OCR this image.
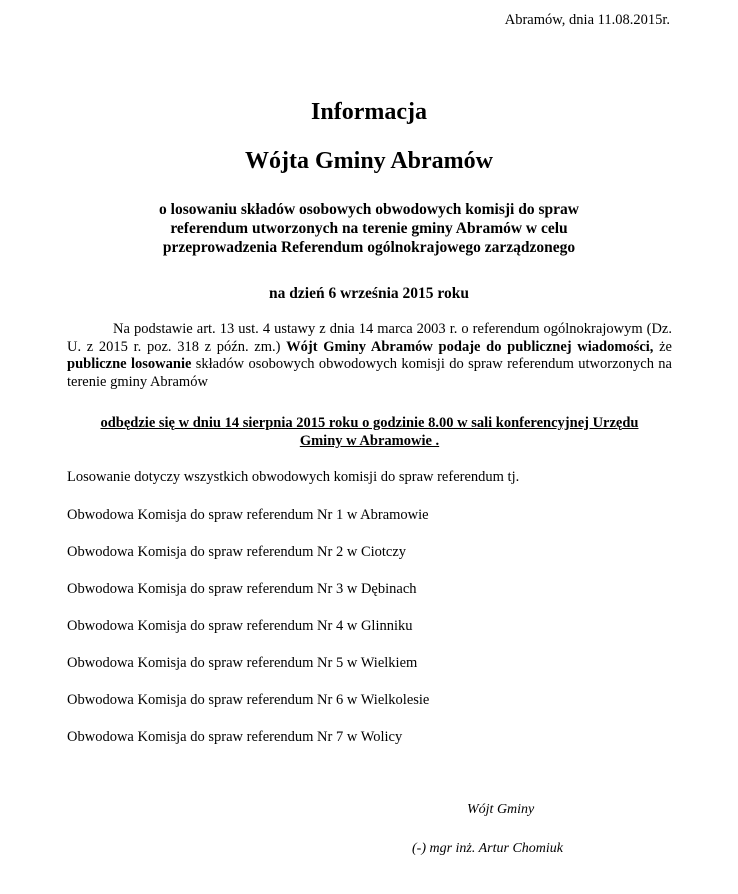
Abramów, dnia 11.08.2015r.
Informacja
Wójta Gminy Abramów
o losowaniu składów osobowych obwodowych komisji do spraw
referendum utworzonych na terenie gminy Abramów w celu
przeprowadzenia Referendum ogólnokrajowego zarządzonego
na dzień 6 września 2015 roku
Na podstawie art. 13 ust. 4 ustawy z dnia 14 marca 2003 r. o referendum ogólnokrajowym (Dz. U. z 2015 r. poz. 318 z późn. zm.) Wójt Gminy Abramów podaje do publicznej wiadomości, że publiczne losowanie składów osobowych obwodowych komisji do spraw referendum utworzonych na terenie gminy Abramów
odbędzie się w dniu 14 sierpnia 2015 roku o godzinie 8.00 w sali konferencyjnej Urzędu
Gminy w Abramowie .
Losowanie dotyczy wszystkich obwodowych komisji do spraw referendum tj.
Obwodowa Komisja do spraw referendum Nr 1 w Abramowie
Obwodowa Komisja do spraw referendum Nr 2 w Ciotczy
Obwodowa Komisja do spraw referendum Nr 3 w Dębinach
Obwodowa Komisja do spraw referendum Nr 4 w Glinniku
Obwodowa Komisja do spraw referendum Nr 5 w Wielkiem
Obwodowa Komisja do spraw referendum Nr 6 w Wielkolesie
Obwodowa Komisja do spraw referendum Nr 7 w Wolicy
Wójt Gminy
(-) mgr inż. Artur Chomiuk
